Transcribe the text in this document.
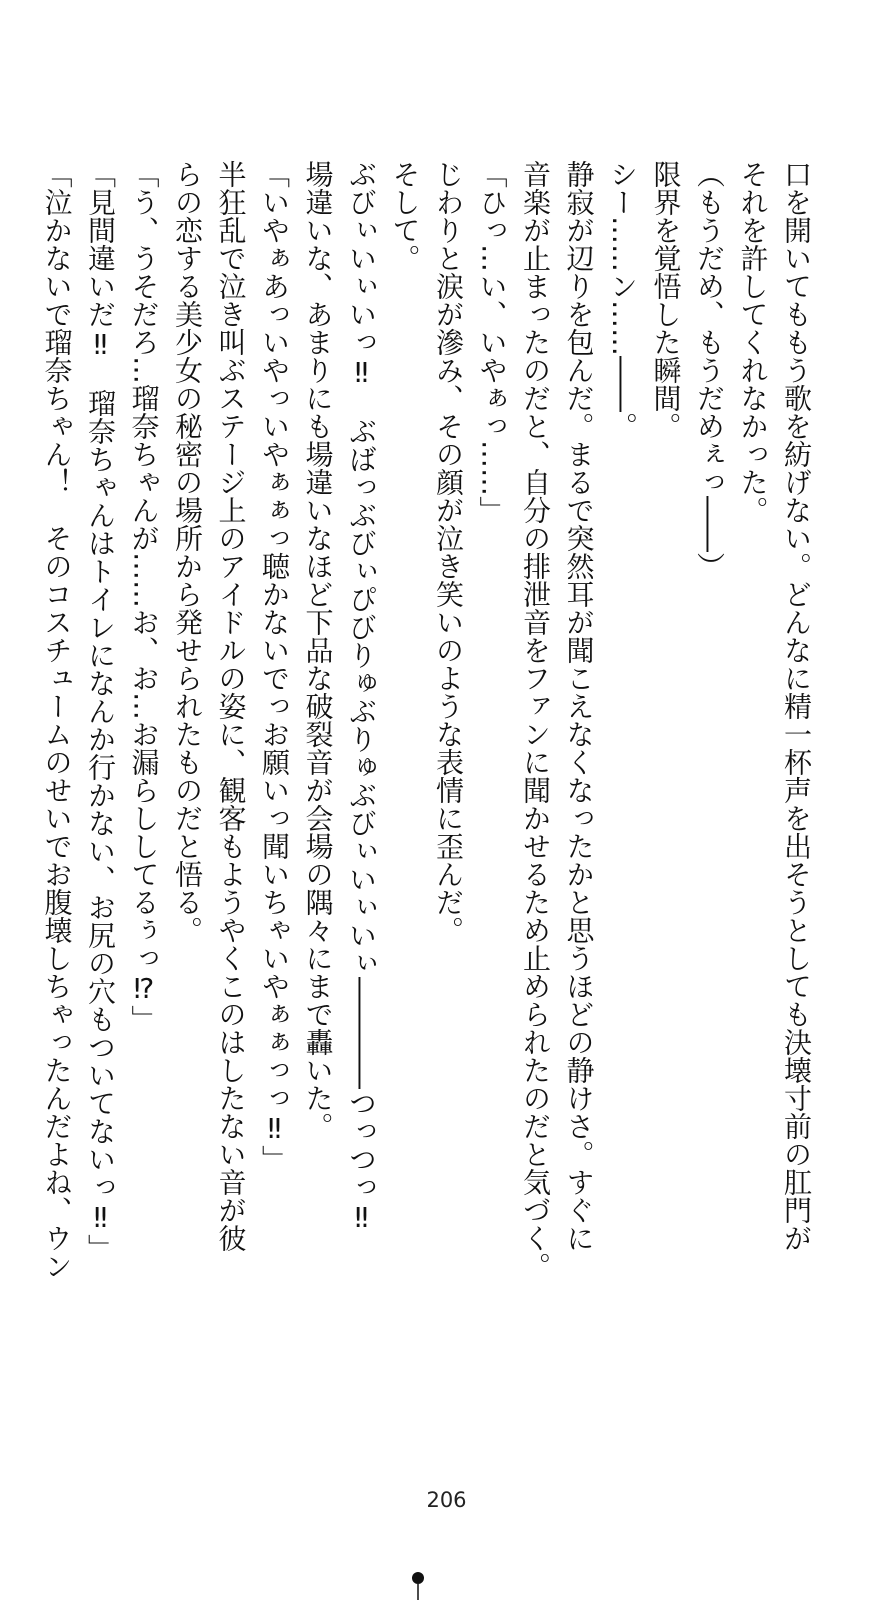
口を開いてももう歌を紡げない。どんなに精一杯声を出そうとしても決壊寸前の肛門が
それを許してくれなかった。
（もうだめ、もうだめぇっ――）
限界を覚悟した瞬間。
シー……ン……――。
静寂が辺りを包んだ。まるで突然耳が聞こえなくなったかと思うほどの静けさ。すぐに
音楽が止まったのだと、自分の排泄音をファンに聞かせるため止められたのだと気づく。
「ひっ…い、いやぁっ……」
じわりと涙が滲み、その顔が泣き笑いのような表情に歪んだ。
そして。
ぶびぃいぃいっ‼　ぶばっぶびぃぴびりゅぶりゅぶびぃいぃいぃ――――つっつっ‼
場違いな、あまりにも場違いなほど下品な破裂音が会場の隅々にまで轟いた。
「いやぁあっいやっいやぁぁっ聴かないでっお願いっ聞いちゃいやぁぁっっ‼」
半狂乱で泣き叫ぶステージ上のアイドルの姿に、観客もようやくこのはしたない音が彼
らの恋する美少女の秘密の場所から発せられたものだと悟る。
「う、うそだろ…瑠奈ちゃんが……お、お…お漏らししてるぅっ⁉」
「見間違いだ‼　瑠奈ちゃんはトイレになんか行かない、お尻の穴もついてないっ‼」
「泣かないで瑠奈ちゃん！　そのコスチュームのせいでお腹壊しちゃったんだよね、ウン
206
